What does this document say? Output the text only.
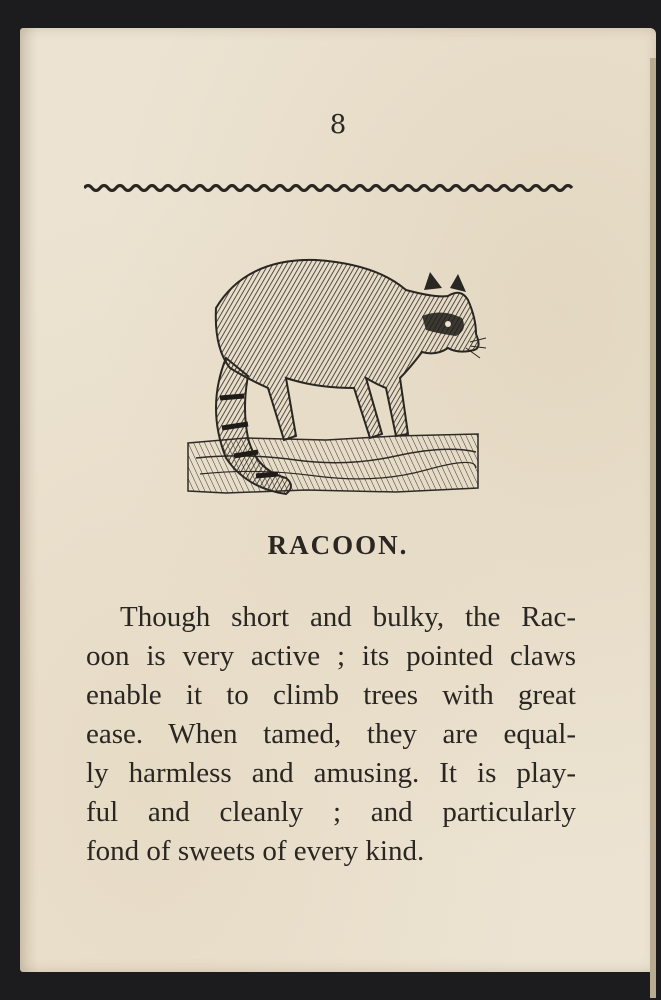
8
RACOON.
Though short and bulky, the Rac-
oon is very active ; its pointed claws
enable it to climb trees with great
ease. When tamed, they are equal-
ly harmless and amusing. It is play-
ful and cleanly ; and particularly
fond of sweets of every kind.
